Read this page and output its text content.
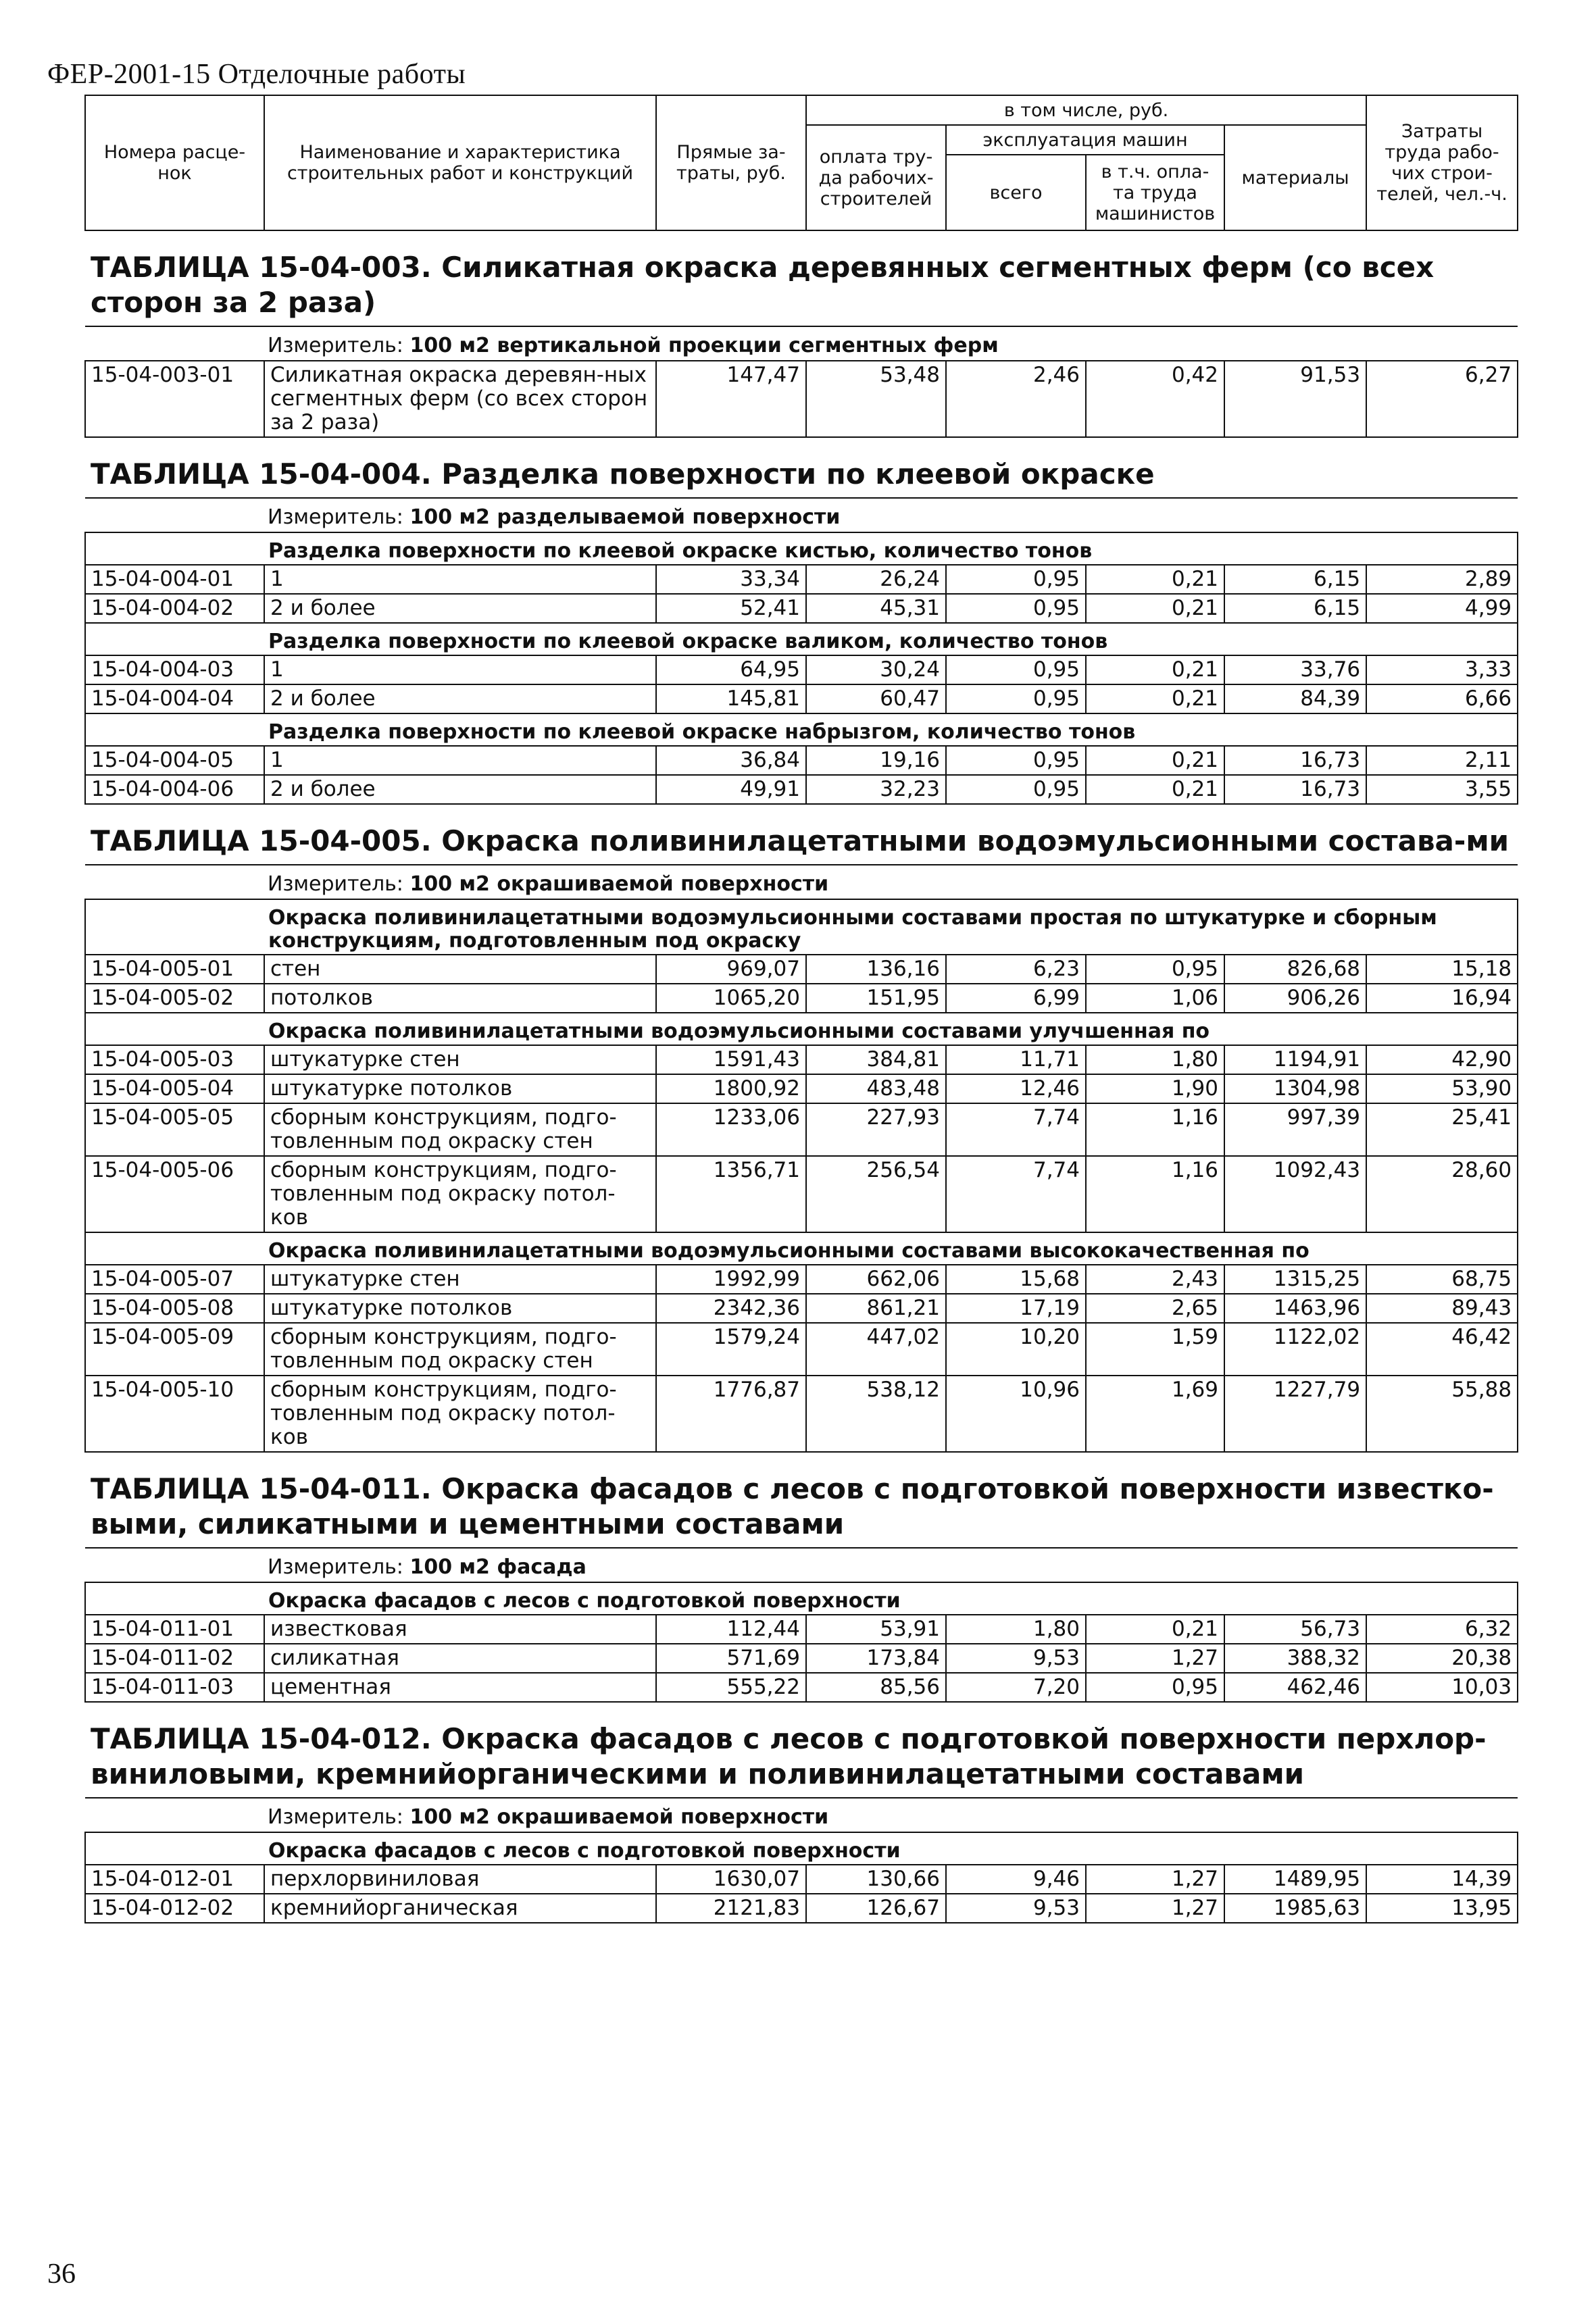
ФЕР-2001-15 Отделочные работы
Номера расце-нок	Наименование и характеристика строительных работ и конструкций	Прямые за-траты, руб.	в том числе, руб.				Затраты труда рабо-чих строи-телей, чел.-ч.
			оплата тру-да рабочих-строителей	эксплуатация машин		материалы	
				всего	в т.ч. опла-та труда машинистов		
ТАБЛИЦА 15-04-003. Силикатная окраска деревянных сегментных ферм (со всех сторон за 2 раза)							
Измеритель: 100 м2 вертикальной проекции сегментных ферм							
15-04-003-01	Силикатная окраска деревян-ных сегментных ферм (со всех сторон за 2 раза)	147,47	53,48	2,46	0,42	91,53	6,27
ТАБЛИЦА 15-04-004. Разделка поверхности по клеевой окраске							
Измеритель: 100 м2 разделываемой поверхности							
Разделка поверхности по клеевой окраске кистью, количество тонов							
15-04-004-01	1	33,34	26,24	0,95	0,21	6,15	2,89
15-04-004-02	2 и более	52,41	45,31	0,95	0,21	6,15	4,99
Разделка поверхности по клеевой окраске валиком, количество тонов							
15-04-004-03	1	64,95	30,24	0,95	0,21	33,76	3,33
15-04-004-04	2 и более	145,81	60,47	0,95	0,21	84,39	6,66
Разделка поверхности по клеевой окраске набрызгом, количество тонов							
15-04-004-05	1	36,84	19,16	0,95	0,21	16,73	2,11
15-04-004-06	2 и более	49,91	32,23	0,95	0,21	16,73	3,55
ТАБЛИЦА 15-04-005. Окраска поливинилацетатными водоэмульсионными состава-ми							
Измеритель: 100 м2 окрашиваемой поверхности							
Окраска поливинилацетатными водоэмульсионными составами простая по штукатурке и сборным конструкциям, подготовленным под окраску							
15-04-005-01	стен	969,07	136,16	6,23	0,95	826,68	15,18
15-04-005-02	потолков	1065,20	151,95	6,99	1,06	906,26	16,94
Окраска поливинилацетатными водоэмульсионными составами улучшенная по							
15-04-005-03	штукатурке стен	1591,43	384,81	11,71	1,80	1194,91	42,90
15-04-005-04	штукатурке потолков	1800,92	483,48	12,46	1,90	1304,98	53,90
15-04-005-05	сборным конструкциям, подго-товленным под окраску стен	1233,06	227,93	7,74	1,16	997,39	25,41
15-04-005-06	сборным конструкциям, подго-товленным под окраску потол-ков	1356,71	256,54	7,74	1,16	1092,43	28,60
Окраска поливинилацетатными водоэмульсионными составами высококачественная по							
15-04-005-07	штукатурке стен	1992,99	662,06	15,68	2,43	1315,25	68,75
15-04-005-08	штукатурке потолков	2342,36	861,21	17,19	2,65	1463,96	89,43
15-04-005-09	сборным конструкциям, подго-товленным под окраску стен	1579,24	447,02	10,20	1,59	1122,02	46,42
15-04-005-10	сборным конструкциям, подго-товленным под окраску потол-ков	1776,87	538,12	10,96	1,69	1227,79	55,88
ТАБЛИЦА 15-04-011. Окраска фасадов с лесов с подготовкой поверхности известко-выми, силикатными и цементными составами							
Измеритель: 100 м2 фасада							
Окраска фасадов с лесов с подготовкой поверхности							
15-04-011-01	известковая	112,44	53,91	1,80	0,21	56,73	6,32
15-04-011-02	силикатная	571,69	173,84	9,53	1,27	388,32	20,38
15-04-011-03	цементная	555,22	85,56	7,20	0,95	462,46	10,03
ТАБЛИЦА 15-04-012. Окраска фасадов с лесов с подготовкой поверхности перхлор-виниловыми, кремнийорганическими и поливинилацетатными составами							
Измеритель: 100 м2 окрашиваемой поверхности							
Окраска фасадов с лесов с подготовкой поверхности							
15-04-012-01	перхлорвиниловая	1630,07	130,66	9,46	1,27	1489,95	14,39
15-04-012-02	кремнийорганическая	2121,83	126,67	9,53	1,27	1985,63	13,95
36
